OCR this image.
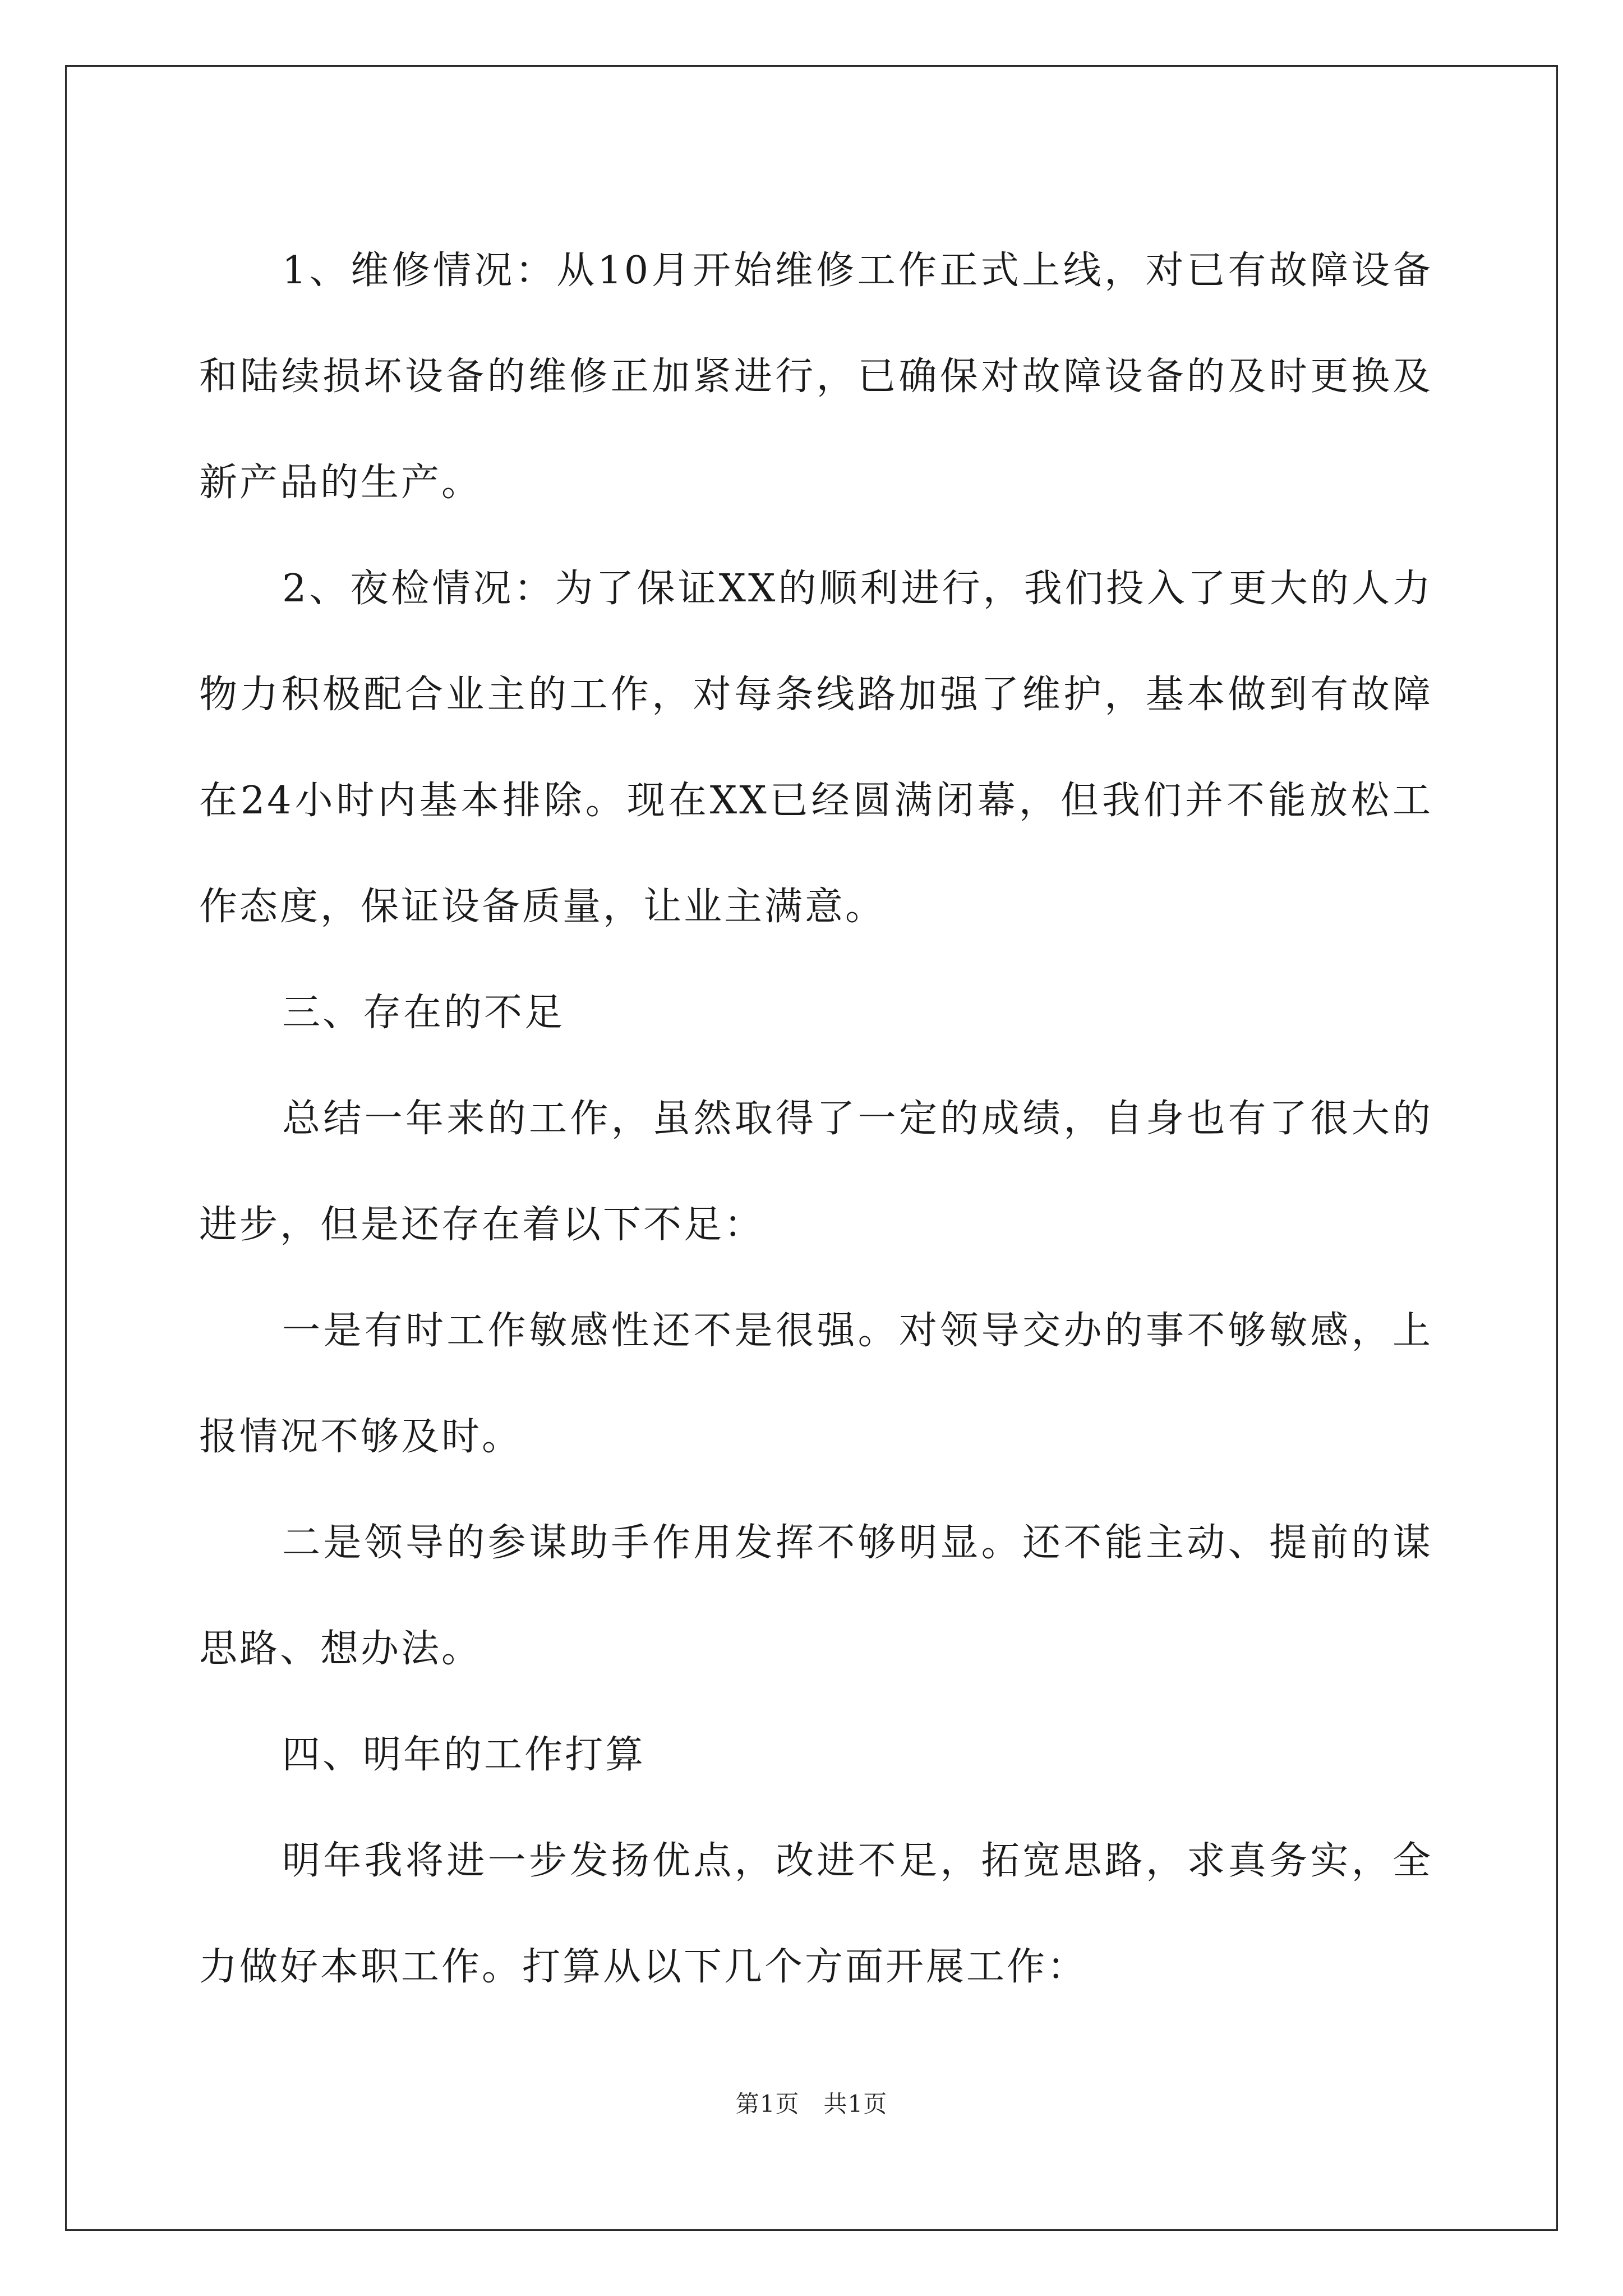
1、维修情况：从10月开始维修工作正式上线，对已有故障设备和陆续损坏设备的维修正加紧进行，已确保对故障设备的及时更换及新产品的生产。

2、夜检情况：为了保证XX的顺利进行，我们投入了更大的人力物力积极配合业主的工作，对每条线路加强了维护，基本做到有故障在24小时内基本排除。现在XX已经圆满闭幕，但我们并不能放松工作态度，保证设备质量，让业主满意。

三、存在的不足

总结一年来的工作，虽然取得了一定的成绩，自身也有了很大的进步，但是还存在着以下不足：

一是有时工作敏感性还不是很强。对领导交办的事不够敏感，上报情况不够及时。

二是领导的参谋助手作用发挥不够明显。还不能主动、提前的谋思路、想办法。

四、明年的工作打算

明年我将进一步发扬优点，改进不足，拓宽思路，求真务实，全力做好本职工作。打算从以下几个方面开展工作：

第1页　共1页
